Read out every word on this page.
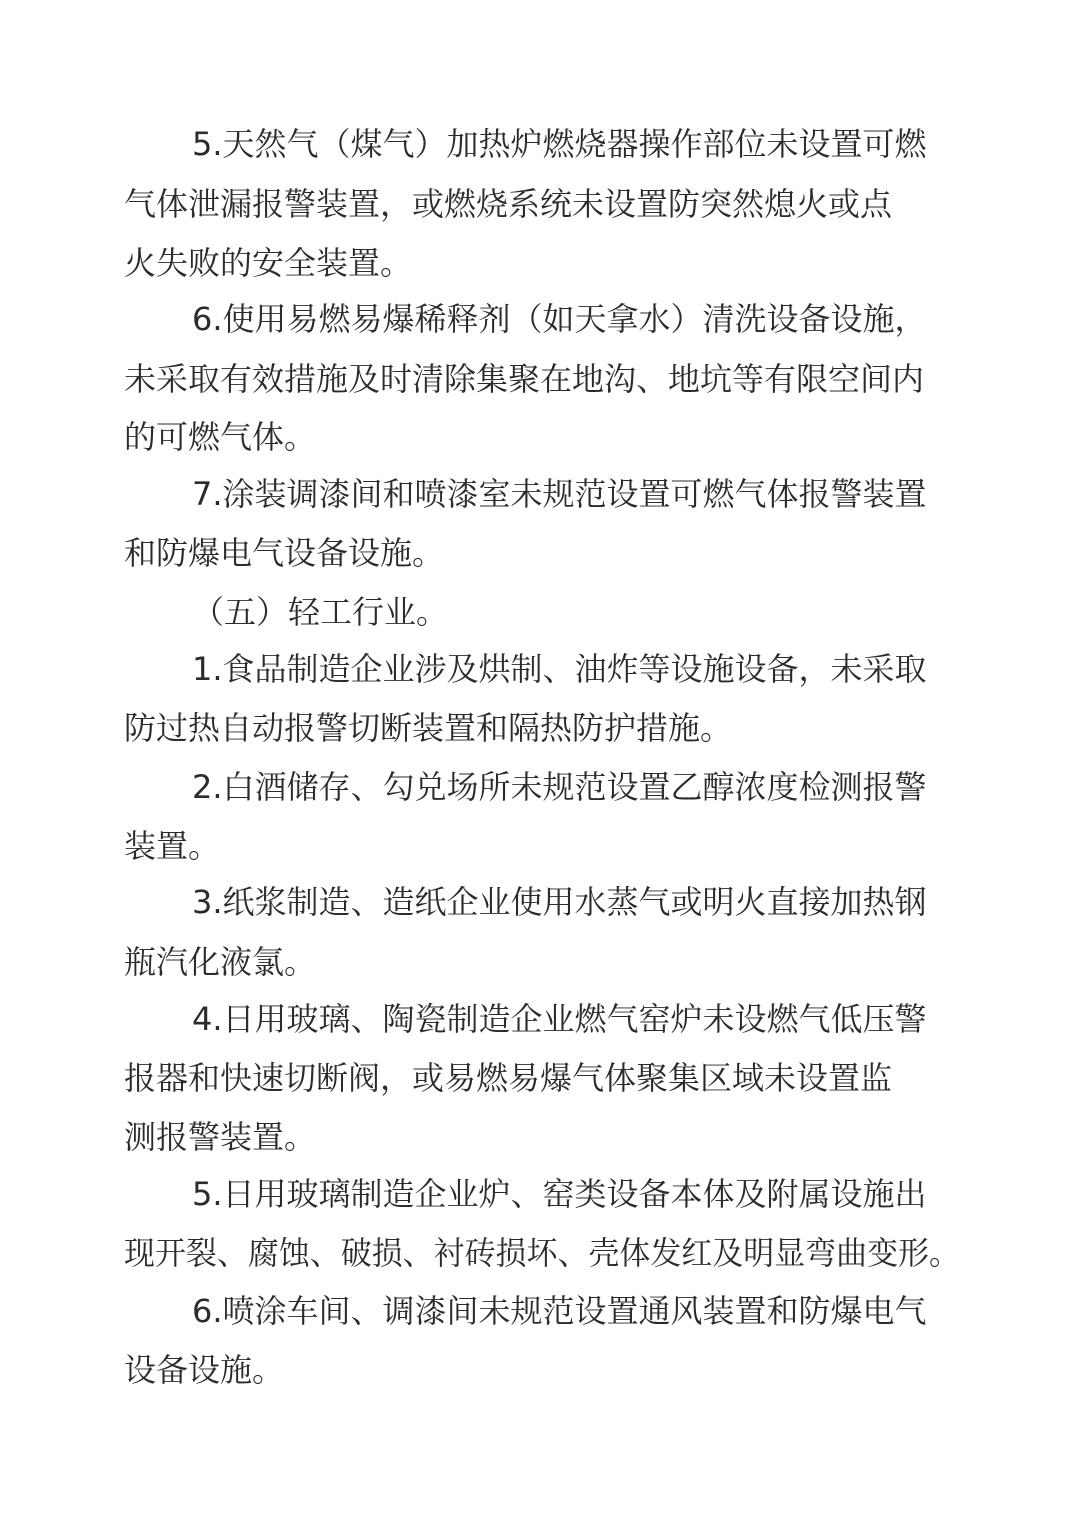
5.天然气（煤气）加热炉燃烧器操作部位未设置可燃
气体泄漏报警装置，或燃烧系统未设置防突然熄火或点
火失败的安全装置。
6.使用易燃易爆稀释剂（如天拿水）清洗设备设施，
未采取有效措施及时清除集聚在地沟、地坑等有限空间内
的可燃气体。
7.涂装调漆间和喷漆室未规范设置可燃气体报警装置
和防爆电气设备设施。
（五）轻工行业。
1.食品制造企业涉及烘制、油炸等设施设备，未采取
防过热自动报警切断装置和隔热防护措施。
2.白酒储存、勾兑场所未规范设置乙醇浓度检测报警
装置。
3.纸浆制造、造纸企业使用水蒸气或明火直接加热钢
瓶汽化液氯。
4.日用玻璃、陶瓷制造企业燃气窑炉未设燃气低压警
报器和快速切断阀，或易燃易爆气体聚集区域未设置监
测报警装置。
5.日用玻璃制造企业炉、窑类设备本体及附属设施出
现开裂、腐蚀、破损、衬砖损坏、壳体发红及明显弯曲变形。
6.喷涂车间、调漆间未规范设置通风装置和防爆电气
设备设施。
